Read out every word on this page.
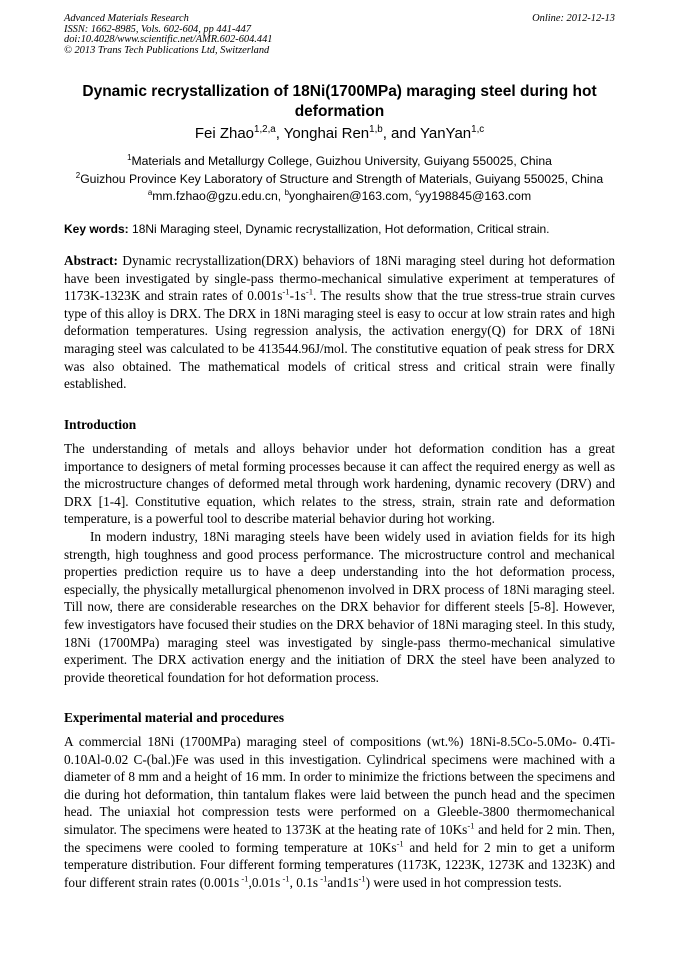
Advanced Materials Research
ISSN: 1662-8985, Vols. 602-604, pp 441-447
doi:10.4028/www.scientific.net/AMR.602-604.441
© 2013 Trans Tech Publications Ltd, Switzerland
Online: 2012-12-13
Dynamic recrystallization of 18Ni(1700MPa) maraging steel during hot deformation
Fei Zhao$^{1,2,a}$, Yonghai Ren$^{1,b}$, and YanYan$^{1,c}$
$^1$Materials and Metallurgy College, Guizhou University, Guiyang 550025, China
$^2$Guizhou Province Key Laboratory of Structure and Strength of Materials, Guiyang 550025, China
$^a$mm.fzhao@gzu.edu.cn, $^b$yonghairen@163.com, $^c$yy198845@163.com
Key words: 18Ni Maraging steel, Dynamic recrystallization, Hot deformation, Critical strain.

Abstract: Dynamic recrystallization(DRX) behaviors of 18Ni maraging steel during hot deformation have been investigated by single-pass thermo-mechanical simulative experiment at temperatures of 1173K-1323K and strain rates of $0.001s^{-1}-1s^{-1}$. The results show that the true stress-true strain curves type of this alloy is DRX. The DRX in 18Ni maraging steel is easy to occur at low strain rates and high deformation temperatures. Using regression analysis, the activation energy(Q) for DRX of 18Ni maraging steel was calculated to be 413544.96J/mol. The constitutive equation of peak stress for DRX was also obtained. The mathematical models of critical stress and critical strain were finally established.

Introduction

The understanding of metals and alloys behavior under hot deformation condition has a great importance to designers of metal forming processes because it can affect the required energy as well as the microstructure changes of deformed metal through work hardening, dynamic recovery (DRV) and DRX [1-4]. Constitutive equation, which relates to the stress, strain, strain rate and deformation temperature, is a powerful tool to describe material behavior during hot working.

In modern industry, 18Ni maraging steels have been widely used in aviation fields for its high strength, high toughness and good process performance. The microstructure control and mechanical properties prediction require us to have a deep understanding into the hot deformation process, especially, the physically metallurgical phenomenon involved in DRX process of 18Ni maraging steel. Till now, there are considerable researches on the DRX behavior for different steels [5-8]. However, few investigators have focused their studies on the DRX behavior of 18Ni maraging steel. In this study, 18Ni (1700MPa) maraging steel was investigated by single-pass thermo-mechanical simulative experiment. The DRX activation energy and the initiation of DRX the steel have been analyzed to provide theoretical foundation for hot deformation process.

Experimental material and procedures

A commercial 18Ni (1700MPa) maraging steel of compositions (wt.%) 18Ni-8.5Co-5.0Mo- 0.4Ti-0.10Al-0.02 C-(bal.)Fe was used in this investigation. Cylindrical specimens were machined with a diameter of 8 mm and a height of 16 mm. In order to minimize the frictions between the specimens and die during hot deformation, thin tantalum flakes were laid between the punch head and the specimen head. The uniaxial hot compression tests were performed on a Gleeble-3800 thermomechanical simulator. The specimens were heated to 1373K at the heating rate of $10Ks^{-1}$ and held for 2 min. Then, the specimens were cooled to forming temperature at $10Ks^{-1}$ and held for 2 min to get a uniform temperature distribution. Four different forming temperatures (1173K, 1223K, 1273K and 1323K) and four different strain rates (0.001s $^{-1}$,0.01s $^{-1}$, 0.1s $^{-1}and1s^{-1}$) were used in hot compression tests.
